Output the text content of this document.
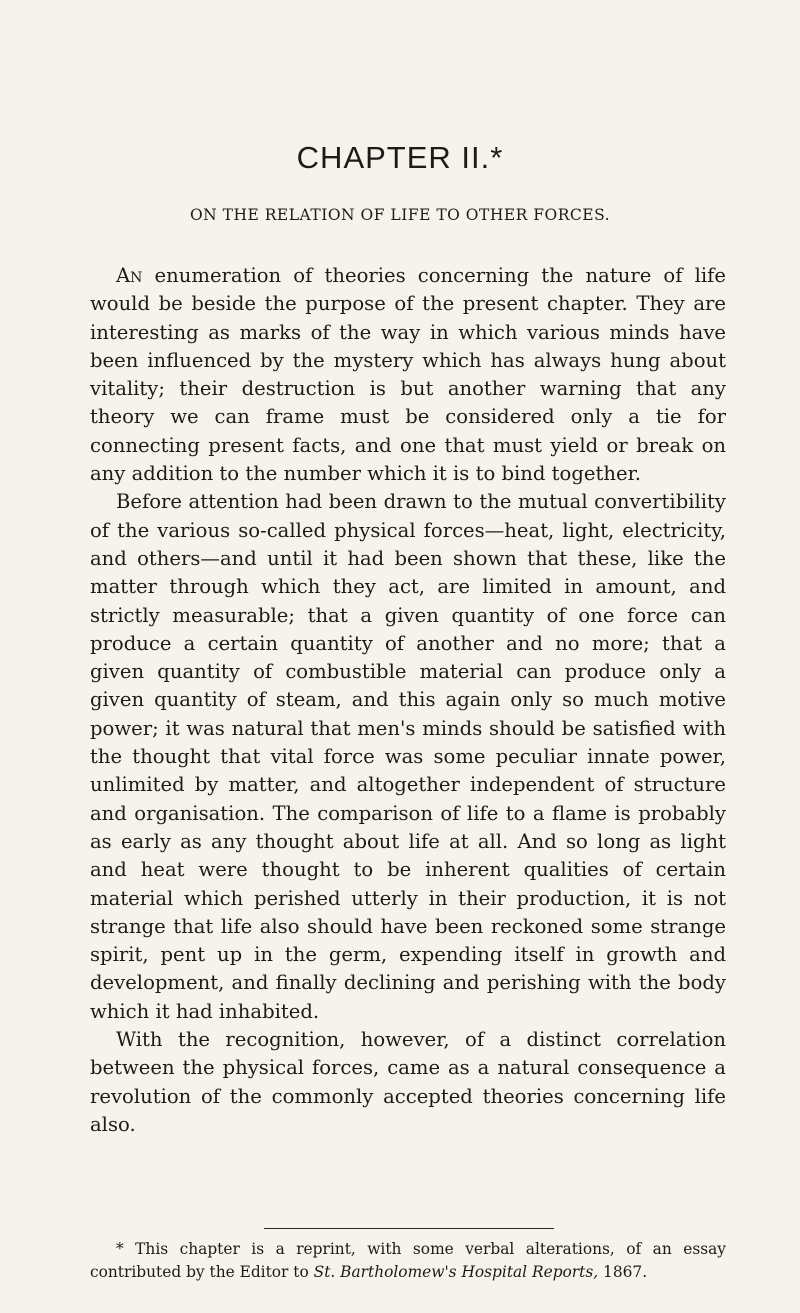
CHAPTER II.*
ON THE RELATION OF LIFE TO OTHER FORCES.

An enumeration of theories concerning the nature of life would be beside the purpose of the present chapter. They are interesting as marks of the way in which various minds have been influenced by the mystery which has always hung about vitality; their destruction is but another warning that any theory we can frame must be considered only a tie for connecting present facts, and one that must yield or break on any addition to the number which it is to bind together.

Before attention had been drawn to the mutual convertibility of the various so-called physical forces—heat, light, electricity, and others—and until it had been shown that these, like the matter through which they act, are limited in amount, and strictly measurable; that a given quantity of one force can produce a certain quantity of another and no more; that a given quantity of combustible material can produce only a given quantity of steam, and this again only so much motive power; it was natural that men's minds should be satisfied with the thought that vital force was some peculiar innate power, unlimited by matter, and altogether independent of structure and organisation. The comparison of life to a flame is probably as early as any thought about life at all. And so long as light and heat were thought to be inherent qualities of certain material which perished utterly in their production, it is not strange that life also should have been reckoned some strange spirit, pent up in the germ, expending itself in growth and development, and finally declining and perishing with the body which it had inhabited.

With the recognition, however, of a distinct correlation between the physical forces, came as a natural consequence a revolution of the commonly accepted theories concerning life also.

* This chapter is a reprint, with some verbal alterations, of an essay contributed by the Editor to St. Bartholomew's Hospital Reports, 1867.
